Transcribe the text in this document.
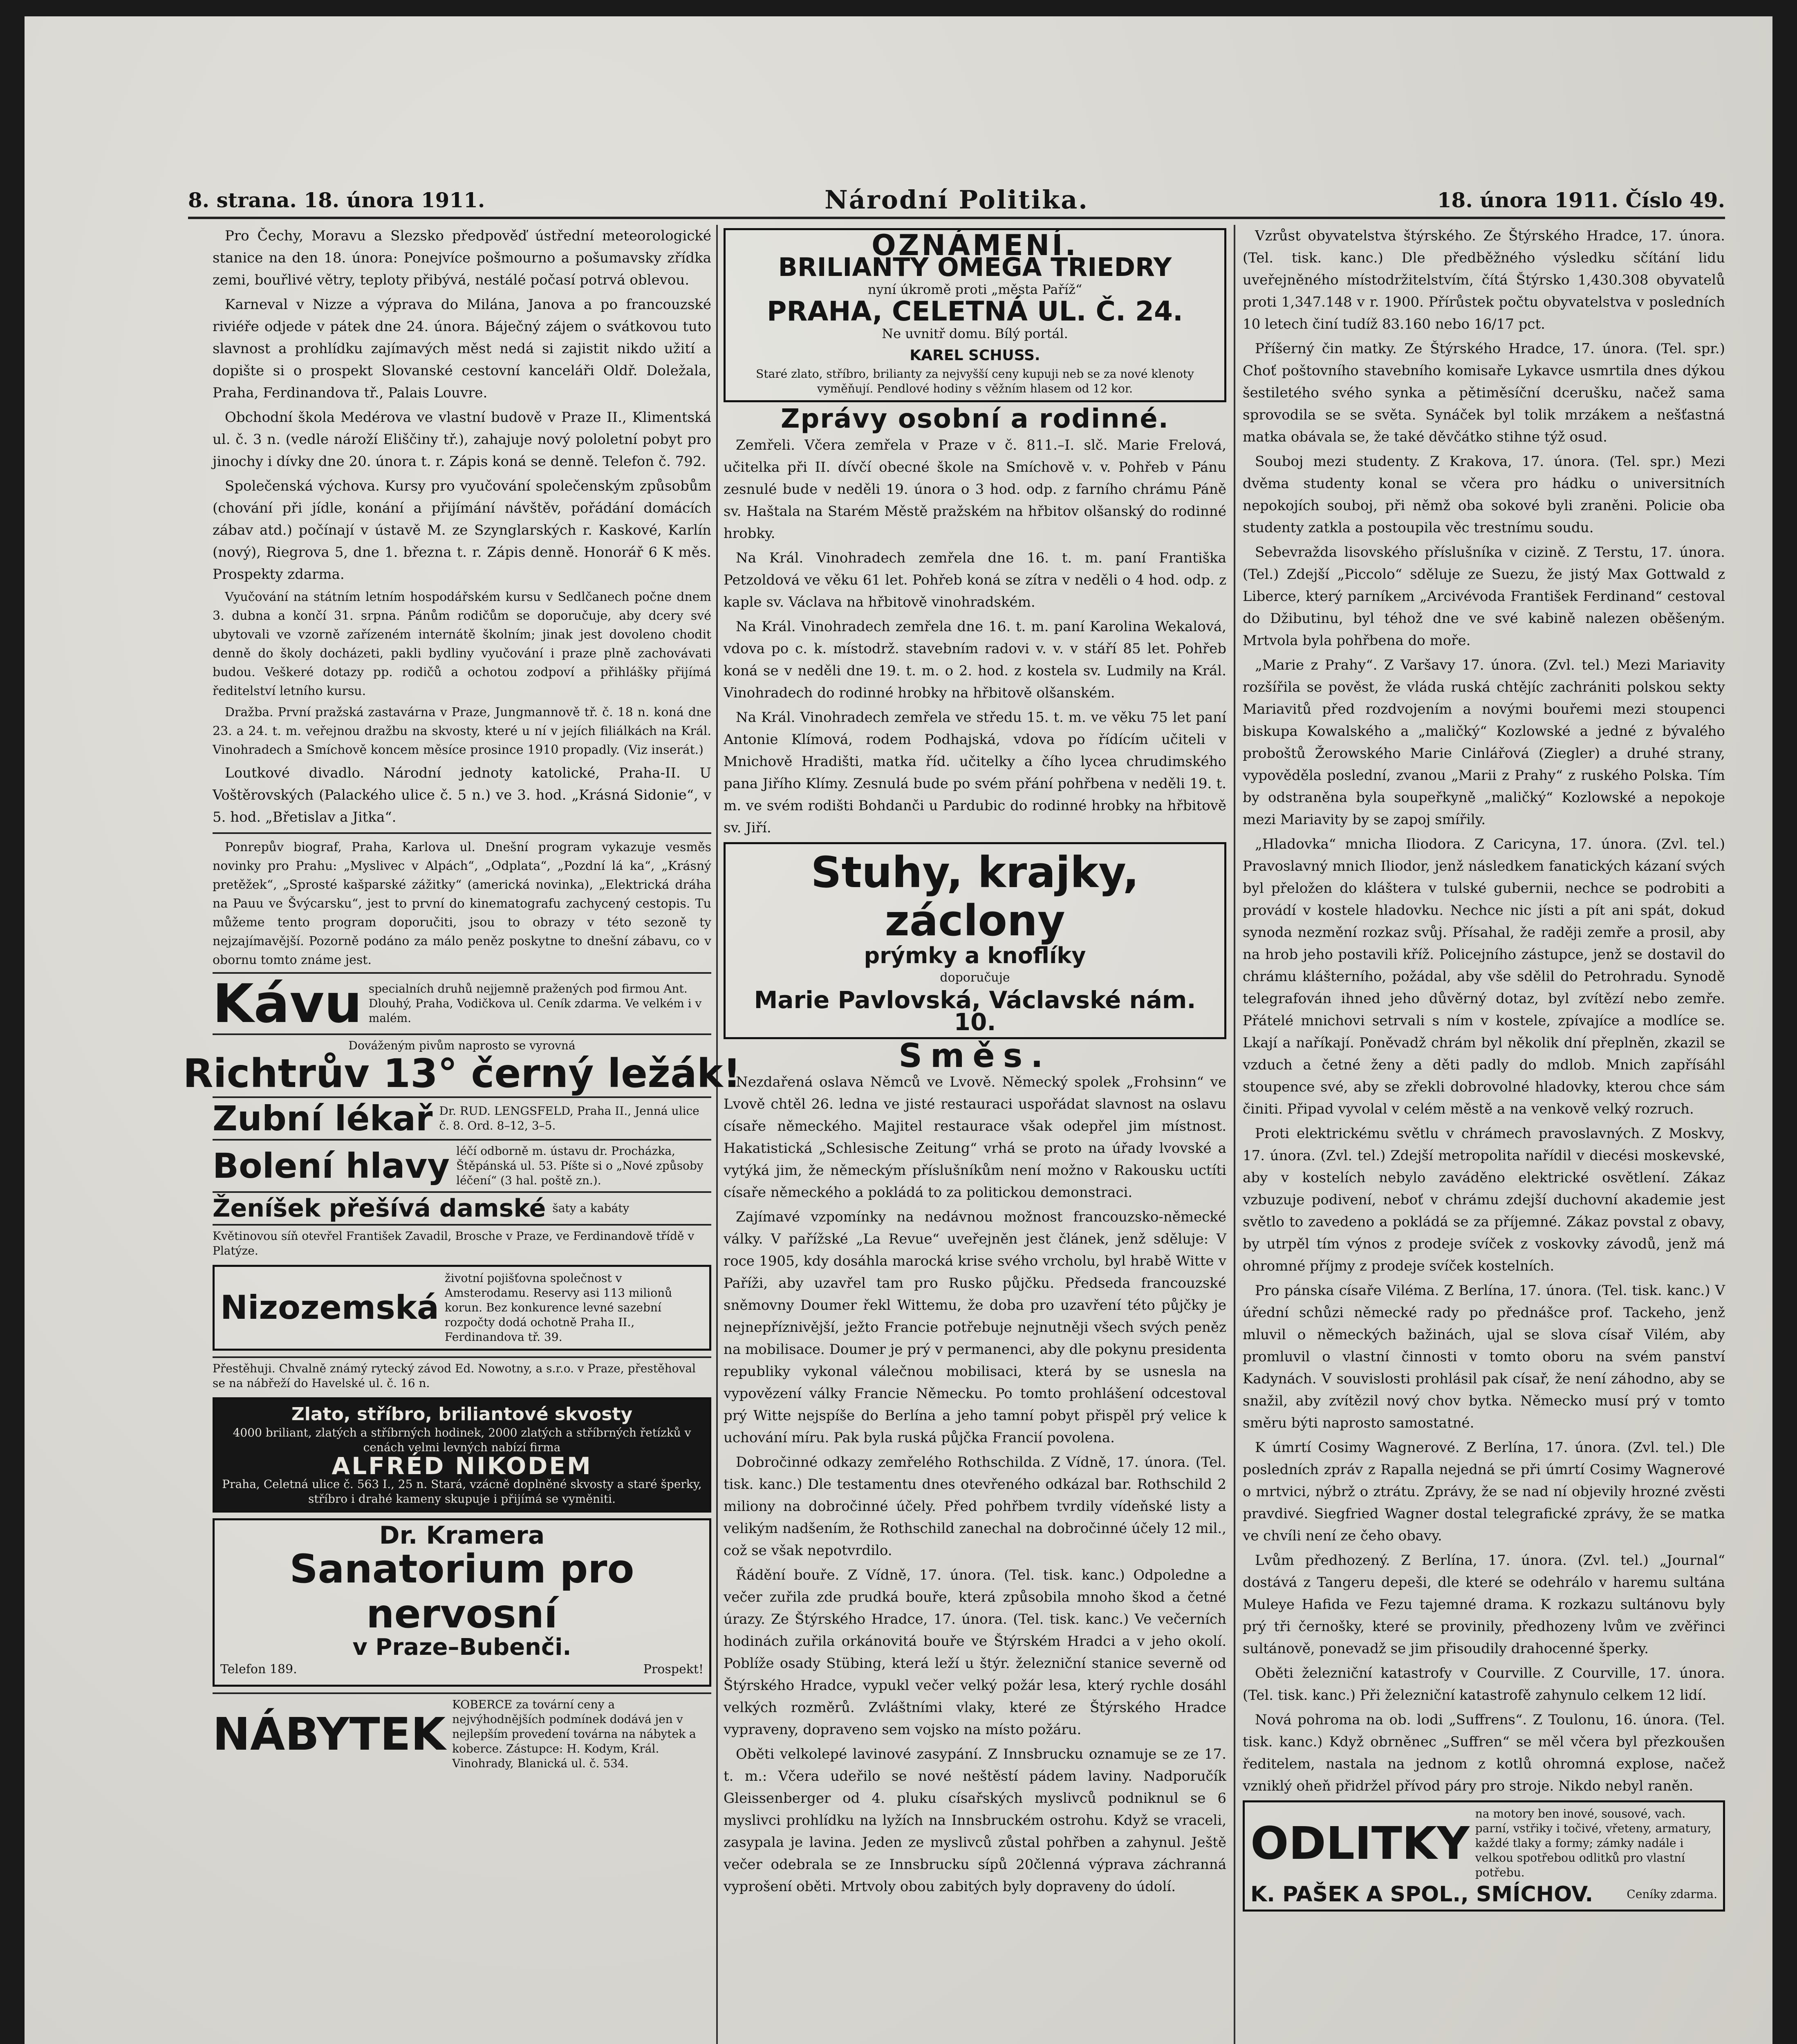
8. strana. 18. února 1911.	Národní Politika.	18. února 1911. Číslo 49.

Pro Čechy, Moravu a Slezsko předpověď ústřední meteorologické stanice na den 18. února: Ponejvíce pošmourno a pošumavsky zřídka zemi, bouřlivé větry, teploty přibývá, nestálé počasí potrvá oblevou.

Karneval v Nizze a výprava do Milána, Janova a po francouzské riviéře odjede v pátek dne 24. února. Báječný zájem o svátkovou tuto slavnost a prohlídku zajímavých měst nedá si zajistit nikdo užití a dopište si o prospekt Slovanské cestovní kanceláři Oldř. Doležala, Praha, Ferdinandova tř., Palais Louvre.

Obchodní škola Medérova ve vlastní budově v Praze II., Klimentská ul. č. 3 n. (vedle nároží Eliščiny tř.), zahajuje nový pololetní pobyt pro jinochy i dívky dne 20. února t. r. Zápis koná se denně. Telefon č. 792.

Společenská výchova. Kursy pro vyučování společenským způsobům (chování při jídle, konání a přijímání návštěv, pořádání domácích zábav atd.) počínají v ústavě M. ze Szynglarských r. Kaskové, Karlín (nový), Riegrova 5, dne 1. března t. r. Zápis denně. Honorář 6 K měs. Prospekty zdarma.

Vyučování na státním letním hospodářském kursu v Sedlčanech počne dnem 3. dubna a končí 31. srpna. Pánům rodičům se doporučuje, aby dcery své ubytovali ve vzorně zařízeném internátě školním; jinak jest dovoleno chodit denně do školy docházeti, pakli bydliny vyučování i praze plně zachovávati budou. Veškeré dotazy pp. rodičů a ochotou zodpoví a přihlášky přijímá ředitelství letního kursu.

Dražba. První pražská zastavárna v Praze, Jungmannově tř. č. 18 n. koná dne 23. a 24. t. m. veřejnou dražbu na skvosty, které u ní v jejích filiálkách na Král. Vinohradech a Smíchově koncem měsíce prosince 1910 propadly. (Viz inserát.)

Loutkové divadlo. Národní jednoty katolické, Praha-II. U Voštěrovských (Palackého ulice č. 5 n.) ve 3. hod. „Krásná Sidonie“, v 5. hod. „Břetislav a Jitka“.

Ponrepův biograf, Praha, Karlova ul. Dnešní program vykazuje vesměs novinky pro Prahu: „Myslivec v Alpách“, „Odplata“, „Pozdní lá ka“, „Krásný pretěžek“, „Sprosté kašparské zážitky“ (americká novinka), „Elektrická dráha na Pauu ve Švýcarsku“, jest to první do kinematografu zachycený cestopis. Tu můžeme tento program doporučiti, jsou to obrazy v této sezoně ty nejzajímavější. Pozorně podáno za málo peněz poskytne to dnešní zábavu, co v obornu tomto známe jest.

Kávu specialních druhů nejjemně pražených pod firmou Ant. Dlouhý, Praha, Vodičkova ul. Ceník zdarma. Ve velkém i v malém.
Dováženým pivům naprosto se vyrovná
Richtrův 13° černý ležák!
Zubní lékař Dr. RUD. LENGSFELD, Praha II., Jenná ulice č. 8. Ord. 8–12, 3–5.
Bolení hlavy léčí odborně m. ústavu dr. Procházka, Štěpánská ul. 53. Píšte si o „Nové způsoby léčení“ (3 hal. poště zn.).
Ženíšek přešívá damské šaty a kabáty
Květinovou síň otevřel František Zavadil, Brosche v Praze, ve Ferdinandově třídě v Platýze.
Nizozemská
životní pojišťovna společnost v Amsterodamu. Reservy asi 113 milionů korun. Bez konkurence levné sazební rozpočty dodá ochotně Praha II., Ferdinandova tř. 39.
Přestěhuji. Chvalně známý rytecký závod Ed. Nowotny, a s.r.o. v Praze, přestěhoval se na nábřeží do Havelské ul. č. 16 n.
Zlato, stříbro, briliantové skvosty
4000 briliant, zlatých a stříbrných hodinek, 2000 zlatých a stříbrných řetízků v cenách velmi levných nabízí firma
ALFRÉD NIKODEM
Praha, Celetná ulice č. 563 I., 25 n. Stará, vzácně doplněné skvosty a staré šperky, stříbro i drahé kameny skupuje i přijímá se vyměniti.
Dr. Kramera
Sanatorium pro nervosní
v Praze–Bubenči.
Telefon 189.	Prospekt!
NÁBYTEK
KOBERCE za tovární ceny a nejvýhodnějších podmínek dodává jen v nejlepším provedení továrna na nábytek a koberce. Zástupce: H. Kodym, Král. Vinohrady, Blanická ul. č. 534.
OZNÁMENÍ.
BRILIANTY OMEGA TRIEDRY
nyní úkromě proti „města Paříž“
PRAHA, CELETNÁ UL. Č. 24.
Ne uvnitř domu. Bílý portál.
KAREL SCHUSS.
Staré zlato, stříbro, brilianty za nejvyšší ceny kupuji neb se za nové klenoty vyměňují. Pendlové hodiny s věžním hlasem od 12 kor.
Zprávy osobní a rodinné.

Zemřeli. Včera zemřela v Praze v č. 811.–I. slč. Marie Frelová, učitelka při II. dívčí obecné škole na Smíchově v. v. Pohřeb v Pánu zesnulé bude v neděli 19. února o 3 hod. odp. z farního chrámu Páně sv. Haštala na Starém Městě pražském na hřbitov olšanský do rodinné hrobky.

Na Král. Vinohradech zemřela dne 16. t. m. paní Františka Petzoldová ve věku 61 let. Pohřeb koná se zítra v neděli o 4 hod. odp. z kaple sv. Václava na hřbitově vinohradském.

Na Král. Vinohradech zemřela dne 16. t. m. paní Karolina Wekalová, vdova po c. k. místodrž. stavebním radovi v. v. v stáří 85 let. Pohřeb koná se v neděli dne 19. t. m. o 2. hod. z kostela sv. Ludmily na Král. Vinohradech do rodinné hrobky na hřbitově olšanském.

Na Král. Vinohradech zemřela ve středu 15. t. m. ve věku 75 let paní Antonie Klímová, rodem Podhajská, vdova po řídícím učiteli v Mnichově Hradišti, matka říd. učitelky a čího lycea chrudimského pana Jiřího Klímy. Zesnulá bude po svém přání pohřbena v neděli 19. t. m. ve svém rodišti Bohdanči u Pardubic do rodinné hrobky na hřbitově sv. Jiří.

Stuhy, krajky, záclony
prýmky a knoflíky
doporučuje
Marie Pavlovská, Václavské nám. 10.
Směs.

Nezdařená oslava Němců ve Lvově. Německý spolek „Frohsinn“ ve Lvově chtěl 26. ledna ve jisté restauraci uspořádat slavnost na oslavu císaře německého. Majitel restaurace však odepřel jim místnost. Hakatistická „Schlesische Zeitung“ vrhá se proto na úřady lvovské a vytýká jim, že německým příslušníkům není možno v Rakousku uctíti císaře německého a pokládá to za politickou demonstraci.

Zajímavé vzpomínky na nedávnou možnost francouzsko-německé války. V pařížské „La Revue“ uveřejněn jest článek, jenž sděluje: V roce 1905, kdy dosáhla marocká krise svého vrcholu, byl hrabě Witte v Paříži, aby uzavřel tam pro Rusko půjčku. Předseda francouzské sněmovny Doumer řekl Wittemu, že doba pro uzavření této půjčky je nejnepříznivější, ježto Francie potřebuje nejnutněji všech svých peněz na mobilisace. Doumer je prý v permanenci, aby dle pokynu presidenta republiky vykonal válečnou mobilisaci, která by se usnesla na vypovězení války Francie Německu. Po tomto prohlášení odcestoval prý Witte nejspíše do Berlína a jeho tamní pobyt přispěl prý velice k uchování míru. Pak byla ruská půjčka Francií povolena.

Dobročinné odkazy zemřelého Rothschilda. Z Vídně, 17. února. (Tel. tisk. kanc.) Dle testamentu dnes otevřeného odkázal bar. Rothschild 2 miliony na dobročinné účely. Před pohřbem tvrdily vídeňské listy a velikým nadšením, že Rothschild zanechal na dobročinné účely 12 mil., což se však nepotvrdilo.

Řádění bouře. Z Vídně, 17. února. (Tel. tisk. kanc.) Odpoledne a večer zuřila zde prudká bouře, která způsobila mnoho škod a četné úrazy. Ze Štýrského Hradce, 17. února. (Tel. tisk. kanc.) Ve večerních hodinách zuřila orkánovitá bouře ve Štýrském Hradci a v jeho okolí. Poblíže osady Stübing, která leží u štýr. železniční stanice severně od Štýrského Hradce, vypukl večer velký požár lesa, který rychle dosáhl velkých rozměrů. Zvláštními vlaky, které ze Štýrského Hradce vypraveny, dopraveno sem vojsko na místo požáru.

Oběti velkolepé lavinové zasypání. Z Innsbrucku oznamuje se ze 17. t. m.: Včera udeřilo se nové neštěstí pádem laviny. Nadporučík Gleissenberger od 4. pluku císařských myslivců podniknul se 6 myslivci prohlídku na lyžích na Innsbruckém ostrohu. Když se vraceli, zasypala je lavina. Jeden ze myslivců zůstal pohřben a zahynul. Ještě večer odebrala se ze Innsbrucku sípů 20členná výprava záchranná vyprošení oběti. Mrtvoly obou zabitých byly dopraveny do údolí.

Vzrůst obyvatelstva štýrského. Ze Štýrského Hradce, 17. února. (Tel. tisk. kanc.) Dle předběžného výsledku sčítání lidu uveřejněného místodržitelstvím, čítá Štýrsko 1,430.308 obyvatelů proti 1,347.148 v r. 1900. Přírůstek počtu obyvatelstva v posledních 10 letech činí tudíž 83.160 nebo 16/17 pct.

Příšerný čin matky. Ze Štýrského Hradce, 17. února. (Tel. spr.) Choť poštovního stavebního komisaře Lykavce usmrtila dnes dýkou šestiletého svého synka a pětiměsíční dcerušku, načež sama sprovodila se se světa. Synáček byl tolik mrzákem a nešťastná matka obávala se, že také děvčátko stihne týž osud.

Souboj mezi studenty. Z Krakova, 17. února. (Tel. spr.) Mezi dvěma studenty konal se včera pro hádku o universitních nepokojích souboj, při němž oba sokové byli zraněni. Policie oba studenty zatkla a postoupila věc trestnímu soudu.

Sebevražda lisovského příslušníka v cizině. Z Terstu, 17. února. (Tel.) Zdejší „Piccolo“ sděluje ze Suezu, že jistý Max Gottwald z Liberce, který parníkem „Arcivévoda František Ferdinand“ cestoval do Džibutinu, byl téhož dne ve své kabině nalezen oběšeným. Mrtvola byla pohřbena do moře.

„Marie z Prahy“. Z Varšavy 17. února. (Zvl. tel.) Mezi Mariavity rozšířila se pověst, že vláda ruská chtějíc zachrániti polskou sekty Mariavitů před rozdvojením a novými bouřemi mezi stoupenci biskupa Kowalského a „maličký“ Kozlowské a jedné z bývalého proboštů Žerowského Marie Cinlářová (Ziegler) a druhé strany, vypověděla poslední, zvanou „Marii z Prahy“ z ruského Polska. Tím by odstraněna byla soupeřkyně „maličký“ Kozlowské a nepokoje mezi Mariavity by se zapoj smířily.

„Hladovka“ mnicha Iliodora. Z Caricyna, 17. února. (Zvl. tel.) Pravoslavný mnich Iliodor, jenž následkem fanatických kázaní svých byl přeložen do kláštera v tulské gubernii, nechce se podrobiti a provádí v kostele hladovku. Nechce nic jísti a pít ani spát, dokud synoda nezmění rozkaz svůj. Přísahal, že raději zemře a prosil, aby na hrob jeho postavili kříž. Policejního zástupce, jenž se dostavil do chrámu klášterního, požádal, aby vše sdělil do Petrohradu. Synodě telegrafován ihned jeho důvěrný dotaz, byl zvítězí nebo zemře. Přátelé mnichovi setrvali s ním v kostele, zpívajíce a modlíce se. Lkají a naříkají. Poněvadž chrám byl několik dní přeplněn, zkazil se vzduch a četné ženy a děti padly do mdlob. Mnich zapřísáhl stoupence své, aby se zřekli dobrovolné hladovky, kterou chce sám činiti. Připad vyvolal v celém městě a na venkově velký rozruch.

Proti elektrickému světlu v chrámech pravoslavných. Z Moskvy, 17. února. (Zvl. tel.) Zdejší metropolita nařídil v diecési moskevské, aby v kostelích nebylo zaváděno elektrické osvětlení. Zákaz vzbuzuje podivení, neboť v chrámu zdejší duchovní akademie jest světlo to zavedeno a pokládá se za příjemné. Zákaz povstal z obavy, by utrpěl tím výnos z prodeje svíček z voskovky závodů, jenž má ohromné příjmy z prodeje svíček kostelních.

Pro pánska císaře Viléma. Z Berlína, 17. února. (Tel. tisk. kanc.) V úřední schůzi německé rady po přednášce prof. Tackeho, jenž mluvil o německých bažinách, ujal se slova císař Vilém, aby promluvil o vlastní činnosti v tomto oboru na svém panství Kadynách. V souvislosti prohlásil pak císař, že není záhodno, aby se snažil, aby zvítězil nový chov bytka. Německo musí prý v tomto směru býti naprosto samostatné.

K úmrtí Cosimy Wagnerové. Z Berlína, 17. února. (Zvl. tel.) Dle posledních zpráv z Rapalla nejedná se při úmrtí Cosimy Wagnerové o mrtvici, nýbrž o ztrátu. Zprávy, že se nad ní objevily hrozné zvěsti pravdivé. Siegfried Wagner dostal telegrafické zprávy, že se matka ve chvíli není ze čeho obavy.

Lvům předhozený. Z Berlína, 17. února. (Zvl. tel.) „Journal“ dostává z Tangeru depeši, dle které se odehrálo v haremu sultána Muleye Hafida ve Fezu tajemné drama. K rozkazu sultánovu byly prý tři černošky, které se provinily, předhozeny lvům ve zvěřinci sultánově, ponevadž se jim přisoudily drahocenné šperky.

Oběti železniční katastrofy v Courville. Z Courville, 17. února. (Tel. tisk. kanc.) Při železniční katastrofě zahynulo celkem 12 lidí.

Nová pohroma na ob. lodi „Suffrens“. Z Toulonu, 16. února. (Tel. tisk. kanc.) Když obrněnec „Suffren“ se měl včera byl přezkoušen ředitelem, nastala na jednom z kotlů ohromná explose, načež vzniklý oheň přidržel přívod páry pro stroje. Nikdo nebyl raněn.

ODLITKY
na motory ben inové, sousové, vach. parní, vstřiky i točivé, vřeteny, armatury, každé tlaky a formy; zámky nadále i velkou spotřebou odlitků pro vlastní potřebu.
K. PAŠEK A SPOL., SMÍCHOV.	Ceníky zdarma.
